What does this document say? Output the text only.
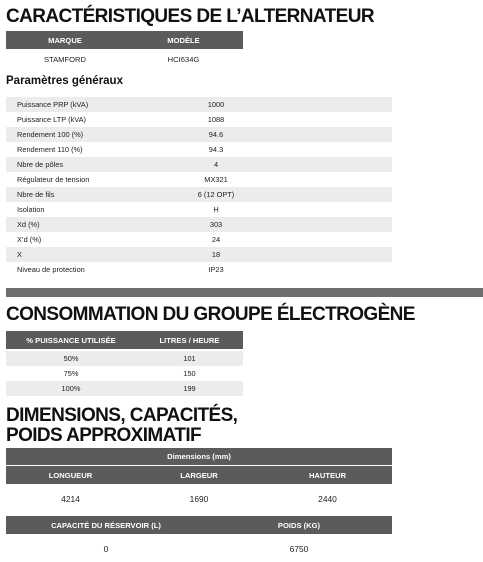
CARACTÉRISTIQUES DE L’ALTERNATEUR
MARQUE	MODÈLE
STAMFORD	HCI634G
Paramètres généraux
Puissance PRP (kVA)	1000
Puissance LTP (kVA)	1088
Rendement 100 (%)	94.6
Rendement 110 (%)	94.3
Nbre de pôles	4
Régulateur de tension	MX321
Nbre de fils	6 (12 OPT)
Isolation	H
Xd (%)	303
X’d (%)	24
X	18
Niveau de protection	IP23
CONSOMMATION DU GROUPE ÉLECTROGÈNE
% PUISSANCE UTILISÉE	LITRES / HEURE
50%	101
75%	150
100%	199
DIMENSIONS, CAPACITÉS,
POIDS APPROXIMATIF
Dimensions (mm)
LONGUEUR	LARGEUR	HAUTEUR
4214	1690	2440
CAPACITÉ DU RÉSERVOIR (L)	POIDS (KG)
0	6750
